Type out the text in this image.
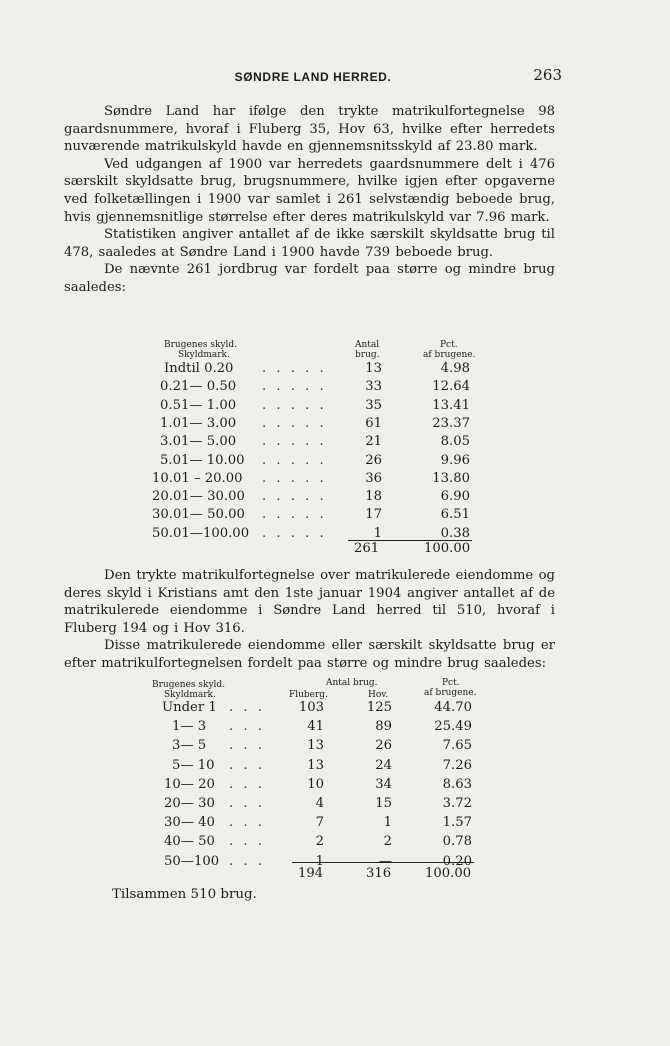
SØNDRE LAND HERRED.	263

Søndre Land har ifølge den trykte matrikulfortegnelse 98 gaardsnummere, hvoraf i Fluberg 35, Hov 63, hvilke efter herredets nuværende matrikulskyld havde en gjennemsnitsskyld af 23.80 mark.

Ved udgangen af 1900 var herredets gaardsnummere delt i 476 særskilt skyldsatte brug, brugsnummere, hvilke igjen efter opgaverne ved folketællingen i 1900 var samlet i 261 selvstændig beboede brug, hvis gjennemsnitlige størrelse efter deres matrikulskyld var 7.96 mark.

Statistiken angiver antallet af de ikke særskilt skyldsatte brug til 478, saaledes at Søndre Land i 1900 havde 739 beboede brug.

De nævnte 261 jordbrug var fordelt paa større og mindre brug saaledes:

Brugenes skyld.
Skyldmark.
Antal
brug.
Pct.
af brugene.
Indtil 0.20 . . . . .	13	4.98
0.21— 0.50 . . . . .	33	12.64
0.51— 1.00 . . . . .	35	13.41
1.01— 3.00 . . . . .	61	23.37
3.01— 5.00 . . . . .	21	8.05
5.01— 10.00 . . . . .	26	9.96
10.01 – 20.00 . . . . .	36	13.80
20.01— 30.00 . . . . .	18	6.90
30.01— 50.00 . . . . .	17	6.51
50.01—100.00 . . . . .	1	0.38
261	100.00

Den trykte matrikulfortegnelse over matrikulerede eiendomme og deres skyld i Kristians amt den 1ste januar 1904 angiver antallet af de matrikulerede eiendomme i Søndre Land herred til 510, hvoraf i Fluberg 194 og i Hov 316.

Disse matrikulerede eiendomme eller særskilt skyldsatte brug er efter matrikulfortegnelsen fordelt paa større og mindre brug saaledes:

Brugenes skyld.
Skyldmark.
Antal brug.
Fluberg.	Hov.
Pct.
af brugene.
Under 1 . . .	103	125	44.70
1— 3 . . .	41	89	25.49
3— 5 . . .	13	26	7.65
5— 10 . . .	13	24	7.26
10— 20 . . .	10	34	8.63
20— 30 . . .	4	15	3.72
30— 40 . . .	7	1	1.57
40— 50 . . .	2	2	0.78
50—100 . . .	1	—	0.20
194	316	100.00
Tilsammen 510 brug.
